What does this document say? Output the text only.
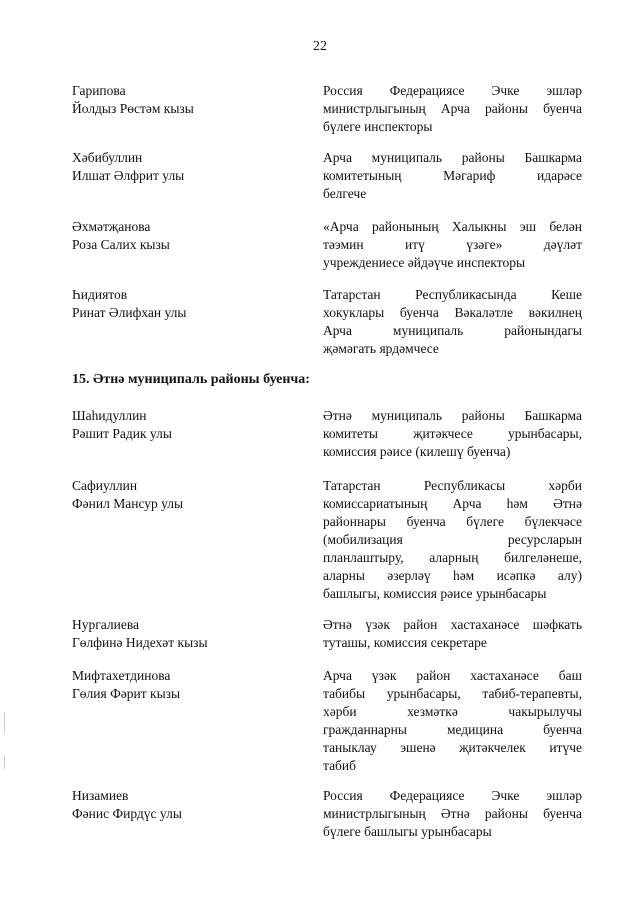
22
Гарипова
Йолдыз Рөстәм кызы
Россия Федерациясе Эчке эшләр
министрлыгының Арча районы буенча
бүлеге инспекторы
Хәбибуллин
Илшат Әлфрит улы
Арча муниципаль районы Башкарма
комитетының Мәгариф идарәсе
белгече
Әхмәтҗанова
Роза Салих кызы
«Арча районының Халыкны эш белән
тәэмин итү үзәге» дәүләт
учреждениесе әйдәүче инспекторы
Һидиятов
Ринат Әлифхан улы
Татарстан Республикасында Кеше
хокуклары буенча Вәкаләтле вәкилнең
Арча муниципаль районындагы
җәмәгать ярдәмчесе
15. Әтнә муниципаль районы буенча:
Шаһидуллин
Рәшит Радик улы
Әтнә муниципаль районы Башкарма
комитеты җитәкчесе урынбасары,
комиссия рәисе (килешү буенча)
Сафиуллин
Фәнил Мансур улы
Татарстан Республикасы хәрби
комиссариатының Арча һәм Әтнә
районнары буенча бүлеге бүлекчәсе
(мобилизация ресурсларын
планлаштыру, аларның билгеләнеше,
аларны әзерләү һәм исәпкә алу)
башлыгы, комиссия рәисе урынбасары
Нургалиева
Гөлфинә Нидехәт кызы
Әтнә үзәк район хастаханәсе шәфкать
туташы, комиссия секретаре
Мифтахетдинова
Гөлия Фәрит кызы
Арча үзәк район хастаханәсе баш
табибы урынбасары, табиб-терапевты,
хәрби хезмәткә чакырылучы
гражданнарны медицина буенча
таныклау эшенә җитәкчелек итүче
табиб
Низамиев
Фәнис Фирдүс улы
Россия Федерациясе Эчке эшләр
министрлыгының Әтнә районы буенча
бүлеге башлыгы урынбасары
